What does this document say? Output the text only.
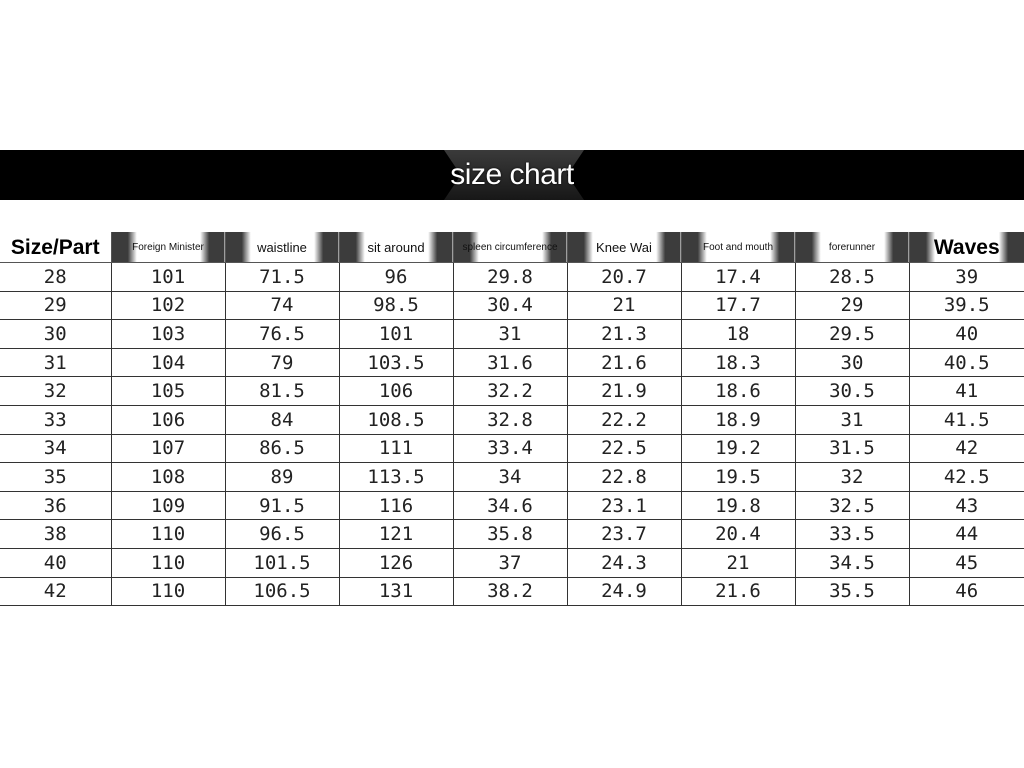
size chart
Size/Part	Foreign Minister	waistline	sit around	spleen circumference	Knee Wai	Foot and mouth	forerunner	Waves

28	101	71.5	96	29.8	20.7	17.4	28.5	39
29	102	74	98.5	30.4	21	17.7	29	39.5
30	103	76.5	101	31	21.3	18	29.5	40
31	104	79	103.5	31.6	21.6	18.3	30	40.5
32	105	81.5	106	32.2	21.9	18.6	30.5	41
33	106	84	108.5	32.8	22.2	18.9	31	41.5
34	107	86.5	111	33.4	22.5	19.2	31.5	42
35	108	89	113.5	34	22.8	19.5	32	42.5
36	109	91.5	116	34.6	23.1	19.8	32.5	43
38	110	96.5	121	35.8	23.7	20.4	33.5	44
40	110	101.5	126	37	24.3	21	34.5	45
42	110	106.5	131	38.2	24.9	21.6	35.5	46
